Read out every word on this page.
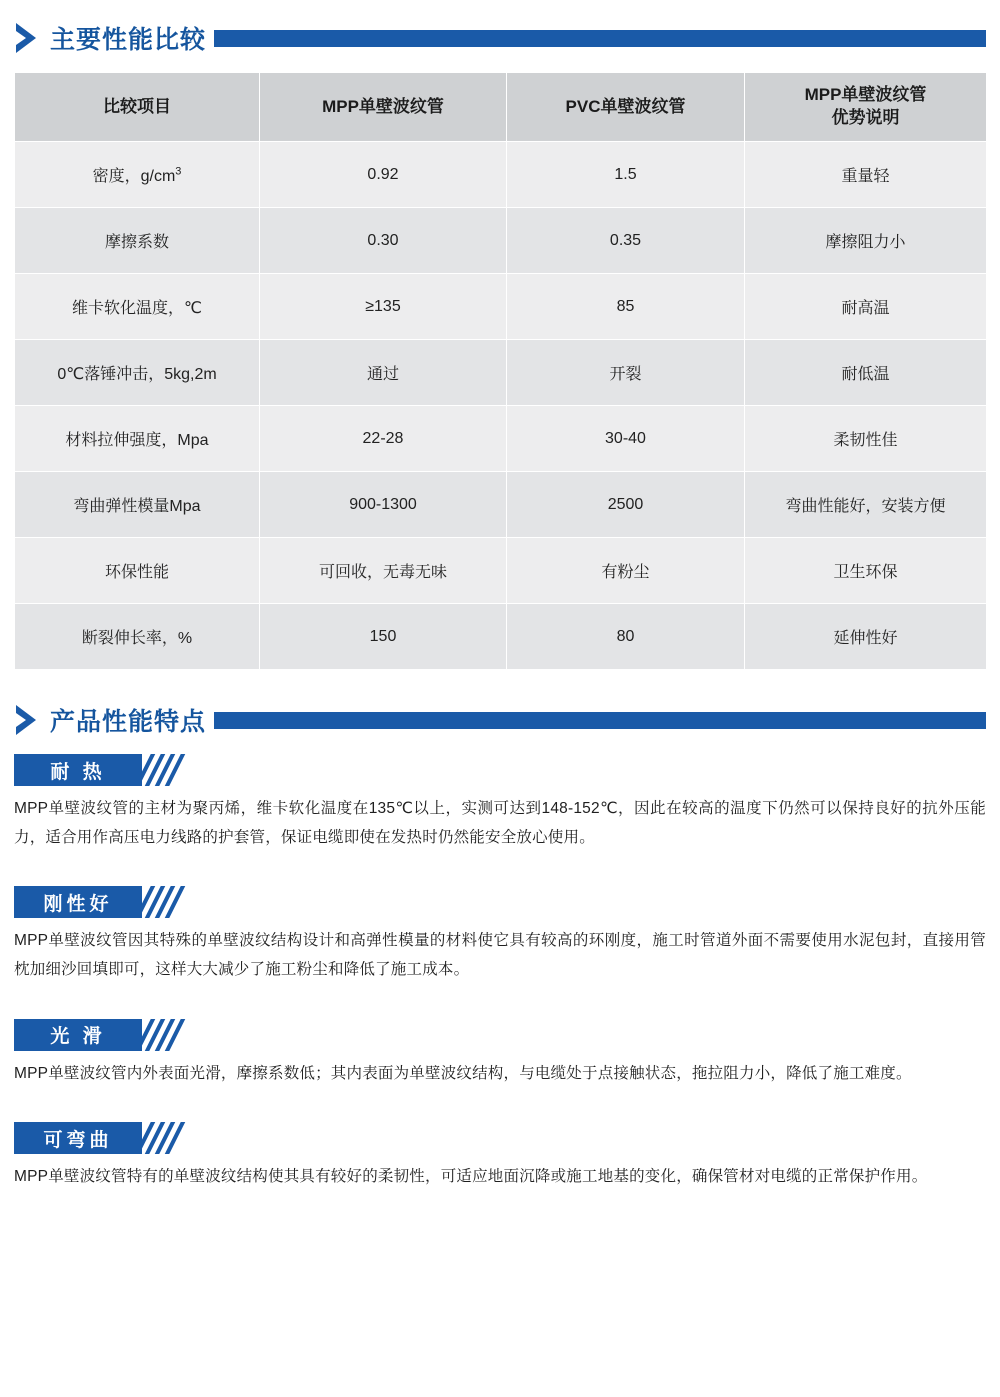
主要性能比较
比较项目	MPP单壁波纹管	PVC单壁波纹管	MPP单壁波纹管
优势说明

密度，$g/cm^3$	0.92	1.5	重量轻
摩擦系数	0.30	0.35	摩擦阻力小
维卡软化温度，℃	≥135	85	耐高温
0℃落锤冲击，5kg,2m	通过	开裂	耐低温
材料拉伸强度，Mpa	22-28	30-40	柔韧性佳
弯曲弹性模量Mpa	900-1300	2500	弯曲性能好，安装方便
环保性能	可回收，无毒无味	有粉尘	卫生环保
断裂伸长率，%	150	80	延伸性好
产品性能特点
耐 热
MPP单壁波纹管的主材为聚丙烯，维卡软化温度在135℃以上，实测可达到148-152℃，因此在较高的温度下仍然可以保持良好的抗外压能力，适合用作高压电力线路的护套管，保证电缆即使在发热时仍然能安全放心使用。
刚性好
MPP单壁波纹管因其特殊的单壁波纹结构设计和高弹性模量的材料使它具有较高的环刚度，施工时管道外面不需要使用水泥包封，直接用管枕加细沙回填即可，这样大大减少了施工粉尘和降低了施工成本。
光 滑
MPP单壁波纹管内外表面光滑，摩擦系数低；其内表面为单壁波纹结构，与电缆处于点接触状态，拖拉阻力小，降低了施工难度。
可弯曲
MPP单壁波纹管特有的单壁波纹结构使其具有较好的柔韧性，可适应地面沉降或施工地基的变化，确保管材对电缆的正常保护作用。
